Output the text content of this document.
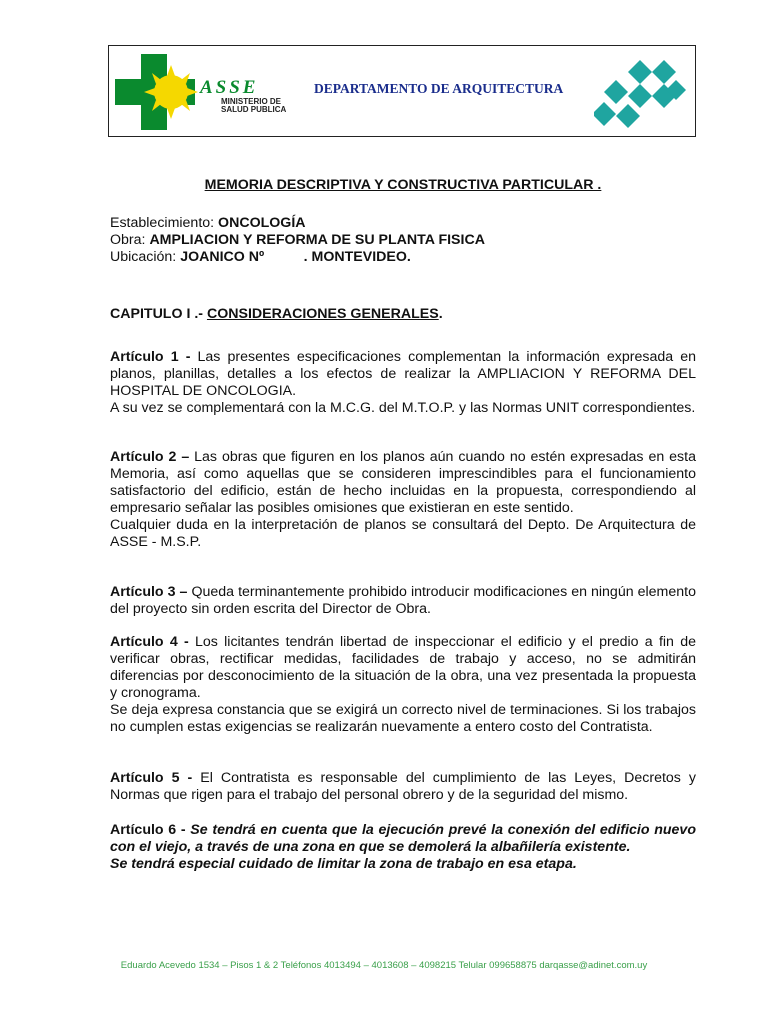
ASSE
MINISTERIO DE
SALUD PUBLICA
DEPARTAMENTO DE ARQUITECTURA
MEMORIA DESCRIPTIVA Y CONSTRUCTIVA PARTICULAR .

Establecimiento: ONCOLOGÍA

Obra: AMPLIACION Y REFORMA DE SU PLANTA FISICA

Ubicación: JOANICO Nº          . MONTEVIDEO.

CAPITULO I .- CONSIDERACIONES GENERALES.

Artículo 1 - Las presentes especificaciones complementan la información expresada en planos, planillas, detalles a los efectos de realizar la AMPLIACION Y REFORMA DEL HOSPITAL DE ONCOLOGIA.

A su vez se complementará con la M.C.G. del M.T.O.P. y las Normas UNIT correspondientes.

Artículo 2 – Las obras que figuren en los planos aún cuando no estén expresadas en esta Memoria, así como aquellas que se consideren imprescindibles para el funcionamiento satisfactorio del edificio, están de hecho incluidas en la propuesta, correspondiendo al empresario señalar las posibles omisiones que existieran en este sentido.

Cualquier duda en la interpretación de planos se consultará del Depto. De Arquitectura de ASSE - M.S.P.

Artículo 3 – Queda terminantemente prohibido introducir modificaciones en ningún elemento del proyecto sin orden escrita del Director de Obra.

Artículo 4 - Los licitantes tendrán libertad de inspeccionar el edificio y el predio a fin de verificar obras, rectificar medidas, facilidades de trabajo y acceso, no se admitirán diferencias por desconocimiento de la situación de la obra, una vez presentada la propuesta y cronograma.

Se deja expresa constancia que se exigirá un correcto nivel de terminaciones. Si los trabajos no cumplen estas exigencias se realizarán nuevamente a entero costo del Contratista.

Artículo 5 - El Contratista es responsable del cumplimiento de las Leyes, Decretos y Normas que rigen para el trabajo del personal obrero y de la seguridad del mismo.

Artículo 6 - Se tendrá en cuenta que la ejecución prevé la conexión del edificio nuevo con el viejo, a través de una zona en que se demolerá la albañilería existente.

Se tendrá especial cuidado de limitar la zona de trabajo en esa etapa.

Eduardo Acevedo 1534 – Pisos 1 & 2 Teléfonos 4013494 – 4013608 – 4098215 Telular 099658875 darqasse@adinet.com.uy
